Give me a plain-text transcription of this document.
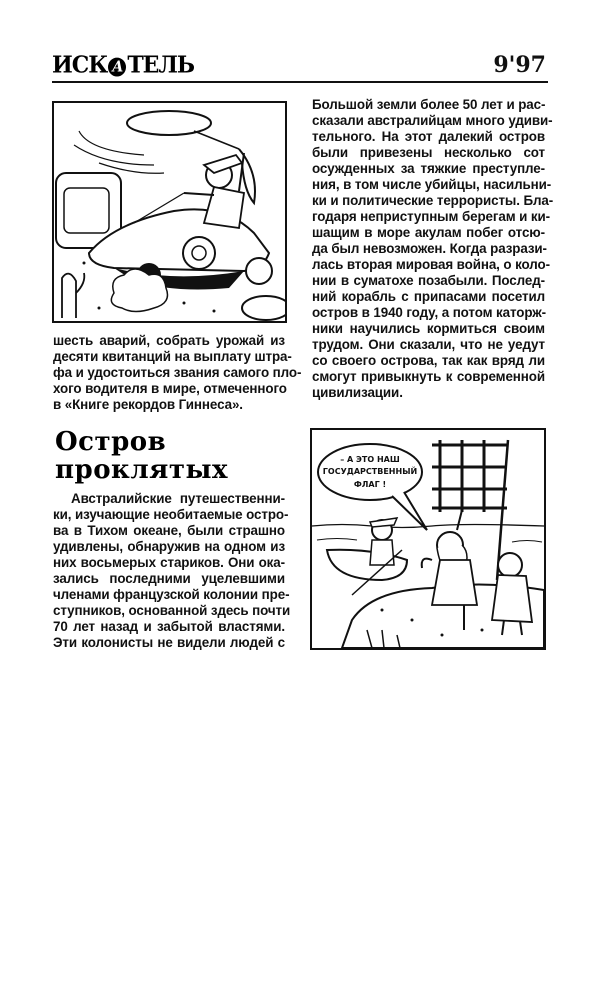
ИСК А ТЕЛЬ	9'97
шесть аварий, собрать урожай из
десяти квитанций на выплату штра-
фа и удостоиться звания самого пло-
хого водителя в мире, отмеченного
в «Книге рекордов Гиннеса».
Остров
проклятых
Австралийские путешественни-
ки, изучающие необитаемые остро-
ва в Тихом океане, были страшно
удивлены, обнаружив на одном из
них восьмерых стариков. Они ока-
зались последними уцелевшими
членами французской колонии пре-
ступников, основанной здесь почти
70 лет назад и забытой властями.
Эти колонисты не видели людей с
Большой земли более 50 лет и рас-
сказали австралийцам много удиви-
тельного. На этот далекий остров
были привезены несколько сот
осужденных за тяжкие преступле-
ния, в том числе убийцы, насильни-
ки и политические террористы. Бла-
годаря неприступным берегам и ки-
шащим в море акулам побег отсю-
да был невозможен. Когда разрази-
лась вторая мировая война, о коло-
нии в суматохе позабыли. Послед-
ний корабль с припасами посетил
остров в 1940 году, а потом каторж-
ники научились кормиться своим
трудом. Они сказали, что не уедут
со своего острова, так как вряд ли
смогут привыкнуть к современной
цивилизации.
– А ЭТО НАШ
ГОСУДАРСТВЕННЫЙ
ФЛАГ !
